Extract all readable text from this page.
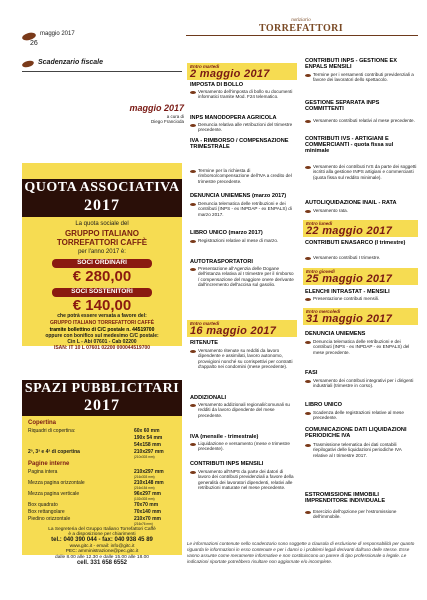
maggio 2017
26
notiziario
TORREFATTORI
Scadenzario fiscale
maggio 2017
a cura di
Diego Francioda
QUOTA ASSOCIATIVA
2017
La quota sociale del
GRUPPO ITALIANO
TORREFATTORI CAFFÈ
per l'anno 2017 è:
SOCI ORDINARI
€ 280,00
SOCI SOSTENITORI
€ 140,00
che potrà essere versata a favore del:
GRUPPO ITALIANO TORREFATTORI CAFFÈ
tramite bollettino di C/C postale n. 44519700
oppure con bonifico sul medesimo C/C postale:
Cin L - Abi 07601 - Cab 02200
ISAN: IT 10 L 07601 02200 000044519700
SPAZI PUBBLICITARI
2017
Copertina
Riquadri di copertina:	60x 60 mm
190x 54 mm
54x158 mm
2ª, 3ª e 4ª di copertina	210x297 mm
(210x303 mm)
Pagine interne
Pagina intera	210x297 mm
(216x303 mm)
Mezza pagina orizzontale	210x148 mm
(216x154 mm)
Mezza pagina verticale	96x297 mm
(102x303 mm)
Box quadrato	70x70 mm
Box rettangolare	70x140 mm
Piedino orizzontale	210x70 mm
(216x76 mm)
La Segreteria del Gruppo Italiano Torrefattori Caffè
è a disposizione per chiarimenti
tel.: 040 390 044 - fax: 040 938 45 89
www.gitc.it - email: info@gitc.it
PEC: amministrazione@pec.gitc.it
dalle 8.00 alle 12.30 e dalle 15.00 alle 18.00
cell. 331 658 6552
Entro martedì
2 maggio 2017
IMPOSTA DI BOLLO
Versamento dell'imposta di bollo su documenti informatici tramite Mod. F24 telematico.
INPS MANODOPERA AGRICOLA
Denuncia relativa alle retribuzioni del trimestre precedente.
IVA - RIMBORSO / COMPENSAZIONE TRIMESTRALE
Termine per la richiesta di rimborso/compensazione dell'IVA a credito del trimestre precedente.
DENUNCIA UNIEMENS (marzo 2017)
Denuncia telematica delle retribuzioni e dei contributi (INPS - ex INPDAP - ex ENPALS) di marzo 2017.
LIBRO UNICO (marzo 2017)
Registrazioni relative al mese di marzo.
AUTOTRASPORTATORI
Presentazione all'Agenzia delle Dogane dell'istanza relativa al I trimestre per il rimborso / compensazione del maggiore onere derivante dall'incremento dell'accisa sul gasolio.
Entro martedì
16 maggio 2017
RITENUTE
Versamento ritenute su redditi da lavoro dipendente e assimilati, lavoro autonomo, provvigioni nonché su corrispettivi per contratti d'appalto nei condomini (mese precedente).
ADDIZIONALI
Versamento addizionali regionali/comunali su redditi da lavoro dipendente del mese precedente.
IVA (mensile - trimestrale)
Liquidazione e versamento (mese e trimestre precedente).
CONTRIBUTI INPS MENSILI
Versamento all'INPS da parte dei datori di lavoro dei contributi previdenziali a favore della generalità dei lavoratori dipendenti, relativi alle retribuzioni maturate nel mese precedente.
CONTRIBUTI INPS - GESTIONE EX ENPALS MENSILI
Termine per i versamenti contributi previdenziali a favore dei lavoratori dello spettacolo.
GESTIONE SEPARATA INPS COMMITTENTI
Versamento contributi relativi al mese precedente.
CONTRIBUTI IVS - ARTIGIANI E COMMERCIANTI - quota fissa sul minimale
Versamento dei contributi IVS da parte dei soggetti iscritti alla gestione INPS artigiani e commercianti (quota fissa sul reddito minimale).
AUTOLIQUIDAZIONE INAIL - RATA
Versamento rata.
Entro lunedì
22 maggio 2017
CONTRIBUTI ENASARCO (I trimestre)
Versamento contributi I trimestre.
Entro giovedì
25 maggio 2017
ELENCHI INTRASTAT - MENSILI
Presentazione contributi mensili.
Entro mercoledì
31 maggio 2017
DENUNCIA UNIEMENS
Denuncia telematica delle retribuzioni e dei contributi (INPS - ex INPDAP - ex ENPALS) del mese precedente.
FASI
Versamento dei contributi integrativi per i dirigenti industriali (trimestre in corso).
LIBRO UNICO
Scadenza delle registrazioni relative al mese precedente.
COMUNICAZIONE DATI LIQUIDAZIONI PERIODICHE IVA
Trasmissione telematica dei dati contabili riepilogativi delle liquidazioni periodiche IVA relative al I trimestre 2017.
ESTROMISSIONE IMMOBILI IMPRENDITORE INDIVIDUALE
Esercizio dell'opzione per l'estromissione dell'immobile.
Le informazioni contenute nello scadenzario sono soggette a clausola di esclusione di responsabilità per quanto riguarda le informazioni in esso contenute e per i danni o i problemi legali derivanti dall'uso delle stesse. Esse vanno assunte come meramente informative e non costituiscono un parere di tipo professionale o legale. Le indicazioni riportate potrebbero risultare non aggiornate e/o incomplete.
